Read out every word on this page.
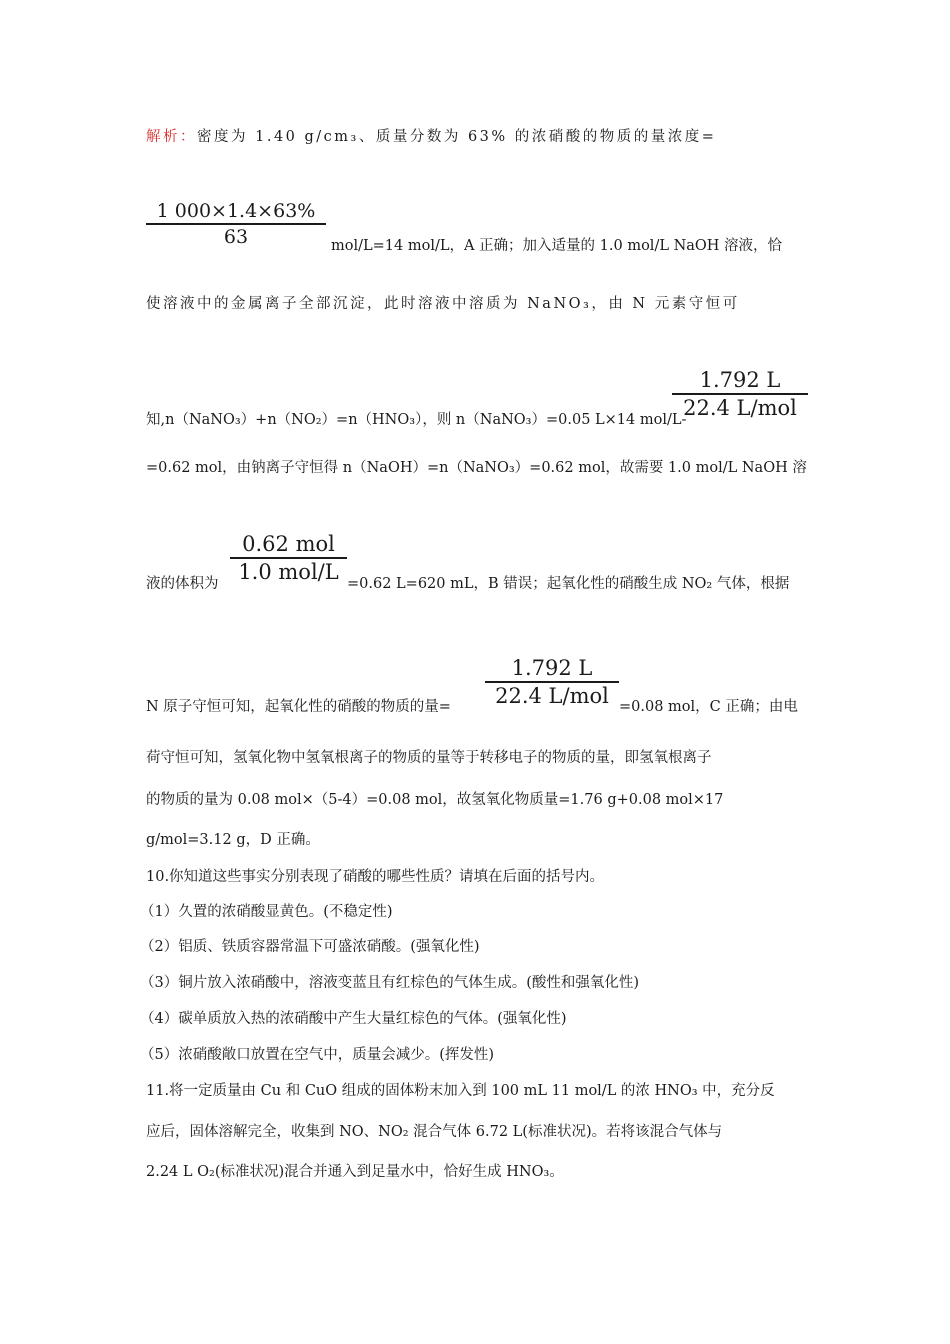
解析：密度为 1.40 g/cm₃、质量分数为 63% 的浓硝酸的物质的量浓度=
1 000×1.4×63%
63	mol/L=14 mol/L，A 正确；加入适量的 1.0 mol/L NaOH 溶液，恰
使溶液中的金属离子全部沉淀，此时溶液中溶质为 NaNO₃，由 N 元素守恒可
1.792 L
22.4 L/mol
知,n（NaNO₃）+n（NO₂）=n（HNO₃），则 n（NaNO₃）=0.05 L×14 mol/L-
=0.62 mol，由钠离子守恒得 n（NaOH）=n（NaNO₃）=0.62 mol，故需要 1.0 mol/L NaOH 溶
液的体积为
0.62 mol
1.0 mol/L
=0.62 L=620 mL，B 错误；起氧化性的硝酸生成 NO₂ 气体，根据
N 原子守恒可知，起氧化性的硝酸的物质的量=
1.792 L
22.4 L/mol =0.08 mol，C 正确；由电
荷守恒可知，氢氧化物中氢氧根离子的物质的量等于转移电子的物质的量，即氢氧根离子
的物质的量为 0.08 mol×（5-4）=0.08 mol，故氢氧化物质量=1.76 g+0.08 mol×17
g/mol=3.12 g，D 正确。
10.你知道这些事实分别表现了硝酸的哪些性质？请填在后面的括号内。
（1）久置的浓硝酸显黄色。(不稳定性)
（2）铝质、铁质容器常温下可盛浓硝酸。(强氧化性)
（3）铜片放入浓硝酸中，溶液变蓝且有红棕色的气体生成。(酸性和强氧化性)
（4）碳单质放入热的浓硝酸中产生大量红棕色的气体。(强氧化性)
（5）浓硝酸敞口放置在空气中，质量会减少。(挥发性)
11.将一定质量由 Cu 和 CuO 组成的固体粉末加入到 100 mL 11 mol/L 的浓 HNO₃ 中，充分反
应后，固体溶解完全，收集到 NO、NO₂ 混合气体 6.72 L(标准状况)。若将该混合气体与
2.24 L O₂(标准状况)混合并通入到足量水中，恰好生成 HNO₃。
